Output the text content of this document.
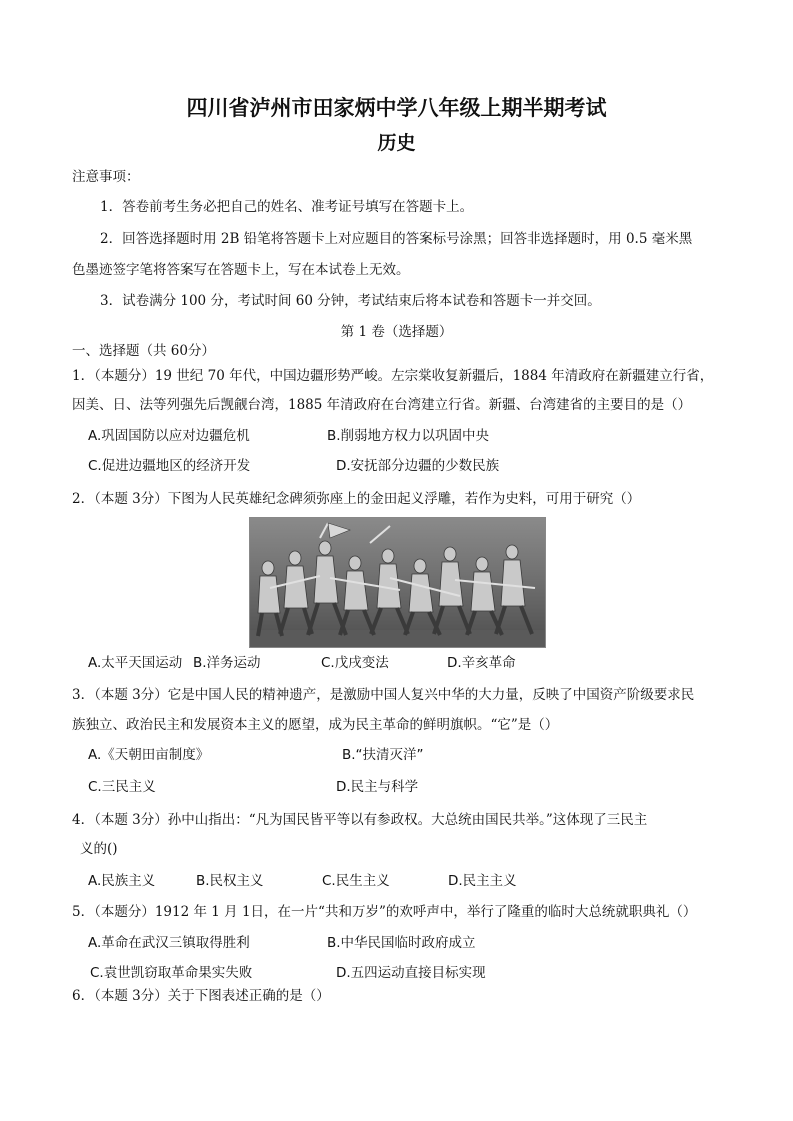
四川省泸州市田家炳中学八年级上期半期考试
历史
注意事项：
1．答卷前考生务必把自己的姓名、准考证号填写在答题卡上。
2．回答选择题时用 2B 铅笔将答题卡上对应题目的答案标号涂黑；回答非选择题时，用 0.5 毫米黑
色墨迹签字笔将答案写在答题卡上，写在本试卷上无效。
3．试卷满分 100 分，考试时间 60 分钟，考试结束后将本试卷和答题卡一并交回。
第 1 卷（选择题）
一、选择题（共 60分）
1．（本题分）19 世纪 70 年代，中国边疆形势严峻。左宗棠收复新疆后，1884 年清政府在新疆建立行省，
因美、日、法等列强先后觊觎台湾，1885 年清政府在台湾建立行省。新疆、台湾建省的主要目的是（）
A.巩固国防以应对边疆危机	B.削弱地方权力以巩固中央
C.促进边疆地区的经济开发	D.安抚部分边疆的少数民族
2．（本题 3分）下图为人民英雄纪念碑须弥座上的金田起义浮雕，若作为史料，可用于研究（）
A.太平天国运动 B.洋务运动	C.戊戌变法	D.辛亥革命
3．（本题 3分）它是中国人民的精神遗产，是激励中国人复兴中华的大力量，反映了中国资产阶级要求民
族独立、政治民主和发展资本主义的愿望，成为民主革命的鲜明旗帜。“它”是（）
A.《天朝田亩制度》	B.“扶清灭洋”
C.三民主义	D.民主与科学
4．（本题 3分）孙中山指出：“凡为国民皆平等以有参政权。大总统由国民共举。”这体现了三民主
义的()
A.民族主义	B.民权主义	C.民生主义	D.民主主义
5．（本题分）1912 年 1 月 1日，在一片“共和万岁”的欢呼声中，举行了隆重的临时大总统就职典礼（）
A.革命在武汉三镇取得胜利	B.中华民国临时政府成立
C.袁世凯窃取革命果实失败	D.五四运动直接目标实现
6．（本题 3分）关于下图表述正确的是（）
